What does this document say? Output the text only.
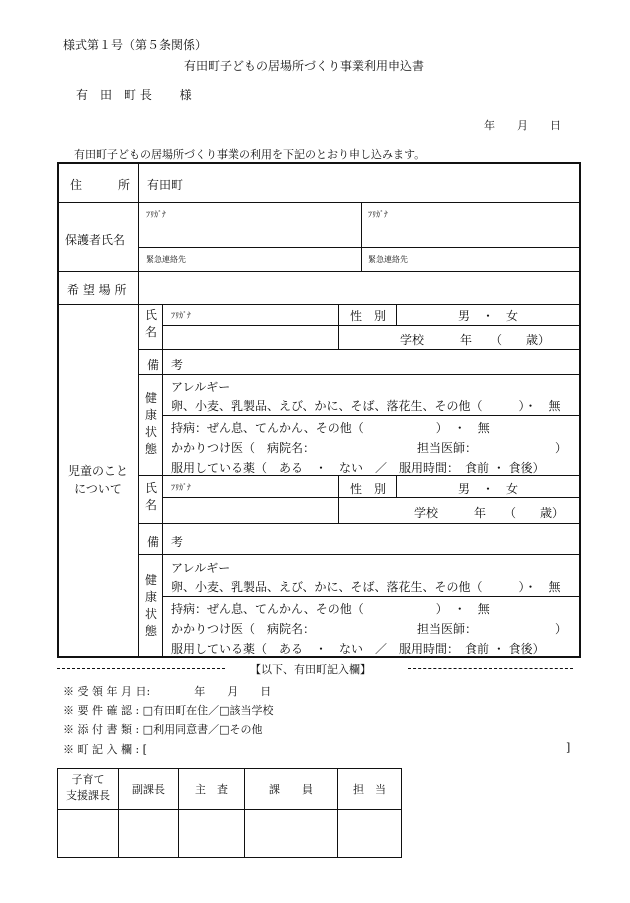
様式第１号（第５条関係）
有田町子どもの居場所づくり事業利用申込書
有　田　町 長　　 様
年　　月　　日
有田町子どもの居場所づくり事業の利用を下記のとおり申し込みます。
住　　　所 有田町
保護者氏名
ﾌﾘｶﾞﾅ	ﾌﾘｶﾞﾅ
緊急連絡先	緊急連絡先
希 望 場 所
児童のこと
について
氏
名
ﾌﾘｶﾞﾅ	性　別	男　・　女
学校　　　年　　（　　歳）
備　考
健
康
状
態
アレルギー
卵、小麦、乳製品、えび、かに、そば、落花生、その他（　　　）・　無
持病：ぜん息、てんかん、その他（　　　　　　）　・　無
かかりつけ医（　病院名：　　　　　　　　　担当医師：　　　　　　　）
服用している薬（　ある　・　ない　／　服用時間：　食前 ・ 食後）
氏
名
ﾌﾘｶﾞﾅ	性　別	男　・　女
学校　　　年　　（　　歳）
備　考
健
康
状
態
アレルギー
卵、小麦、乳製品、えび、かに、そば、落花生、その他（　　　）・　無
持病：ぜん息、てんかん、その他（　　　　　　）　・　無
かかりつけ医（　病院名：　　　　　　　　　担当医師：　　　　　　　）
服用している薬（　ある　・　ない　／　服用時間：　食前 ・ 食後）
【以下、有田町記入欄】
※ 受 領 年 月 日:　　　　年　　月　　日
※ 要 件 確 認 : □有田町在住／□該当学校
※ 添 付 書 類 : □利用同意書／□その他
※ 町 記 入 欄 : [	]
子育て
支援課長	副課長	主　査	課　　員	担　当
